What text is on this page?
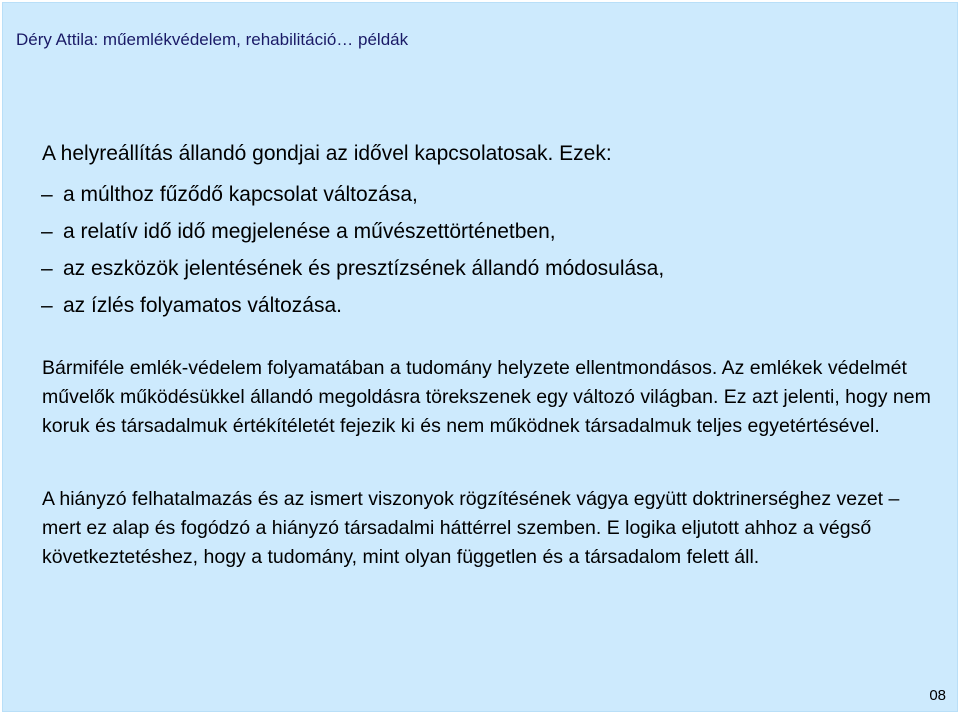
Déry Attila: műemlékvédelem, rehabilitáció… példák
A helyreállítás állandó gondjai az idővel kapcsolatosak. Ezek:
– a múlthoz fűződő kapcsolat változása,
– a relatív idő idő megjelenése a művészettörténetben,
– az eszközök jelentésének és presztízsének állandó módosulása,
– az ízlés folyamatos változása.

Bármiféle emlék-védelem folyamatában a tudomány helyzete ellentmondásos. Az emlékek védelmét művelők működésükkel állandó megoldásra törekszenek egy változó világban. Ez azt jelenti, hogy nem koruk és társadalmuk értékítéletét fejezik ki és nem működnek társadalmuk teljes egyetértésével.

A hiányzó felhatalmazás és az ismert viszonyok rögzítésének vágya együtt doktrinerséghez vezet – mert ez alap és fogódzó a hiányzó társadalmi háttérrel szemben. E logika eljutott ahhoz a végső következtetéshez, hogy a tudomány, mint olyan független és a társadalom felett áll.

08
